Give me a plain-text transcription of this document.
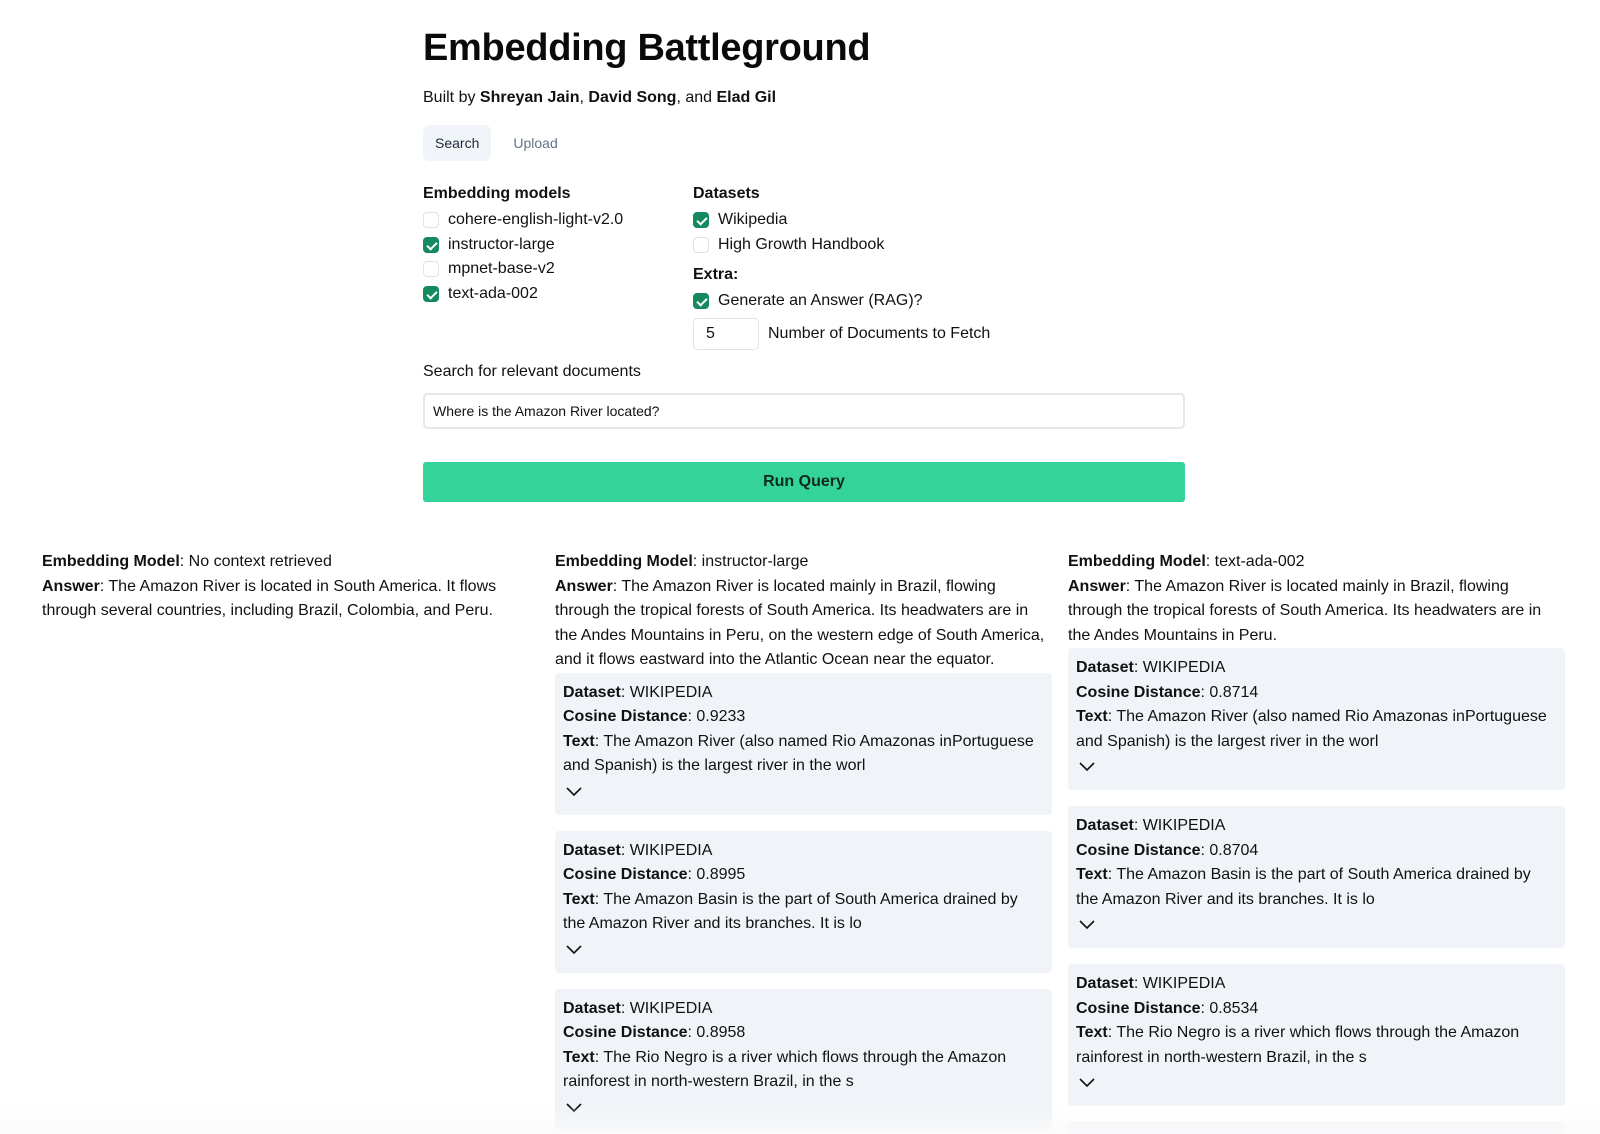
Embedding Battleground

Built by Shreyan Jain, David Song, and Elad Gil

Search	Upload
Embedding models
cohere-english-light-v2.0
instructor-large
mpnet-base-v2
text-ada-002
Datasets
Wikipedia
High Growth Handbook
Extra:
Generate an Answer (RAG)?
5
Number of Documents to Fetch
Search for relevant documents
Where is the Amazon River located?
Run Query
Embedding Model: No context retrieved
Answer: The Amazon River is located in South America. It flows through several countries, including Brazil, Colombia, and Peru.
Embedding Model: instructor-large
Answer: The Amazon River is located mainly in Brazil, flowing through the tropical forests of South America. Its headwaters are in the Andes Mountains in Peru, on the western edge of South America, and it flows eastward into the Atlantic Ocean near the equator.
Dataset: WIKIPEDIA
Cosine Distance: 0.9233
Text: The Amazon River (also named Rio Amazonas inPortuguese and Spanish) is the largest river in the worl
Dataset: WIKIPEDIA
Cosine Distance: 0.8995
Text: The Amazon Basin is the part of South America drained by the Amazon River and its branches. It is lo
Dataset: WIKIPEDIA
Cosine Distance: 0.8958
Text: The Rio Negro is a river which flows through the Amazon rainforest in north-western Brazil, in the s
Embedding Model: text-ada-002
Answer: The Amazon River is located mainly in Brazil, flowing through the tropical forests of South America. Its headwaters are in the Andes Mountains in Peru.
Dataset: WIKIPEDIA
Cosine Distance: 0.8714
Text: The Amazon River (also named Rio Amazonas inPortuguese and Spanish) is the largest river in the worl
Dataset: WIKIPEDIA
Cosine Distance: 0.8704
Text: The Amazon Basin is the part of South America drained by the Amazon River and its branches. It is lo
Dataset: WIKIPEDIA
Cosine Distance: 0.8534
Text: The Rio Negro is a river which flows through the Amazon rainforest in north-western Brazil, in the s
